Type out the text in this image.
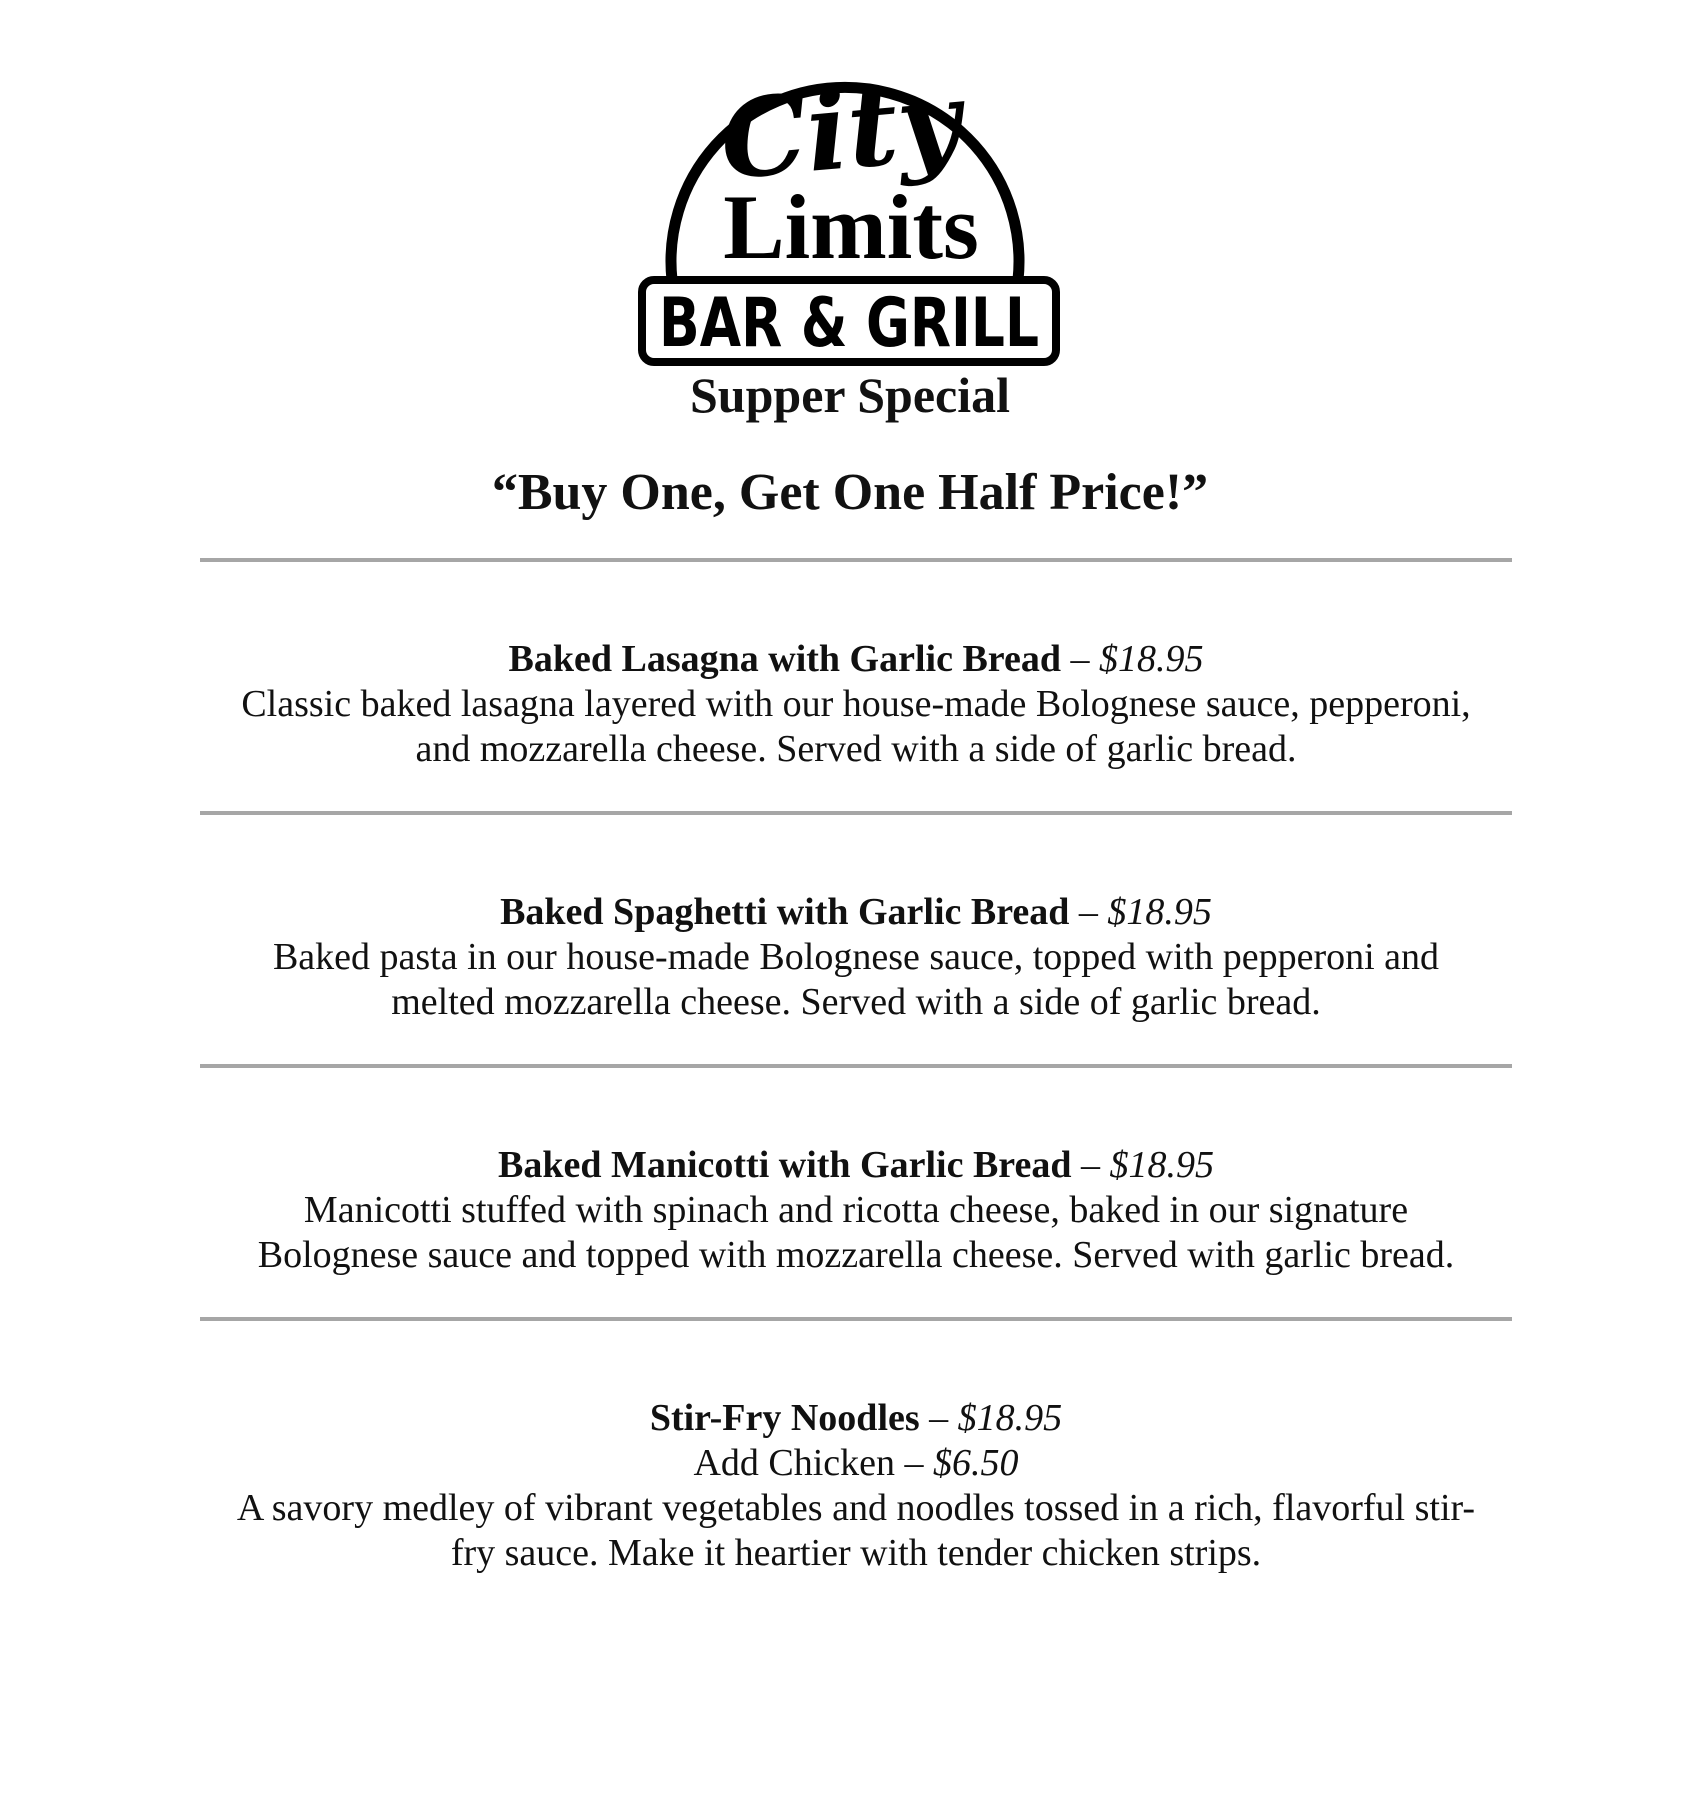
City
Limits
BAR & GRILL
Supper Special
“Buy One, Get One Half Price!”

Baked Lasagna with Garlic Bread – $18.95

Classic baked lasagna layered with our house-made Bolognese sauce, pepperoni,

and mozzarella cheese. Served with a side of garlic bread.

Baked Spaghetti with Garlic Bread – $18.95

Baked pasta in our house-made Bolognese sauce, topped with pepperoni and

melted mozzarella cheese. Served with a side of garlic bread.

Baked Manicotti with Garlic Bread – $18.95

Manicotti stuffed with spinach and ricotta cheese, baked in our signature

Bolognese sauce and topped with mozzarella cheese. Served with garlic bread.

Stir-Fry Noodles – $18.95

Add Chicken – $6.50

A savory medley of vibrant vegetables and noodles tossed in a rich, flavorful stir-

fry sauce. Make it heartier with tender chicken strips.
